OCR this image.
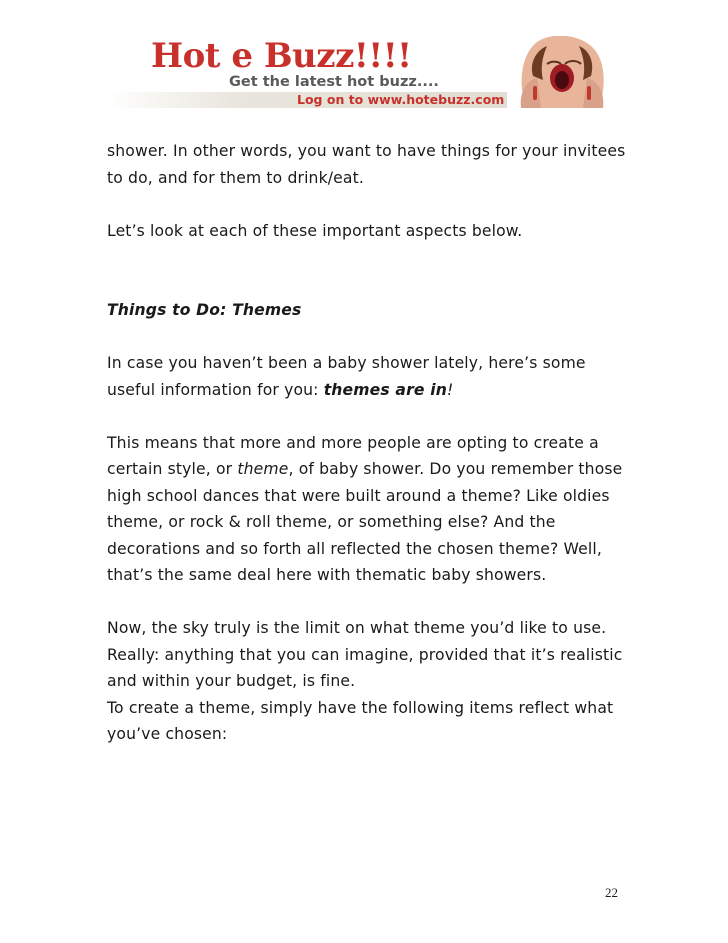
Hot e Buzz!!!!
Get the latest hot buzz....
Log on to www.hotebuzz.com

shower. In other words, you want to have things for your invitees to do, and for them to drink/eat.

Let’s look at each of these important aspects below.

Things to Do: Themes

In case you haven’t been a baby shower lately, here’s some useful information for you: themes are in!

This means that more and more people are opting to create a certain style, or theme, of baby shower. Do you remember those high school dances that were built around a theme? Like oldies theme, or rock & roll theme, or something else? And the decorations and so forth all reflected the chosen theme? Well, that’s the same deal here with thematic baby showers.

Now, the sky truly is the limit on what theme you’d like to use. Really: anything that you can imagine, provided that it’s realistic and within your budget, is fine.

To create a theme, simply have the following items reflect what you’ve chosen:

22
